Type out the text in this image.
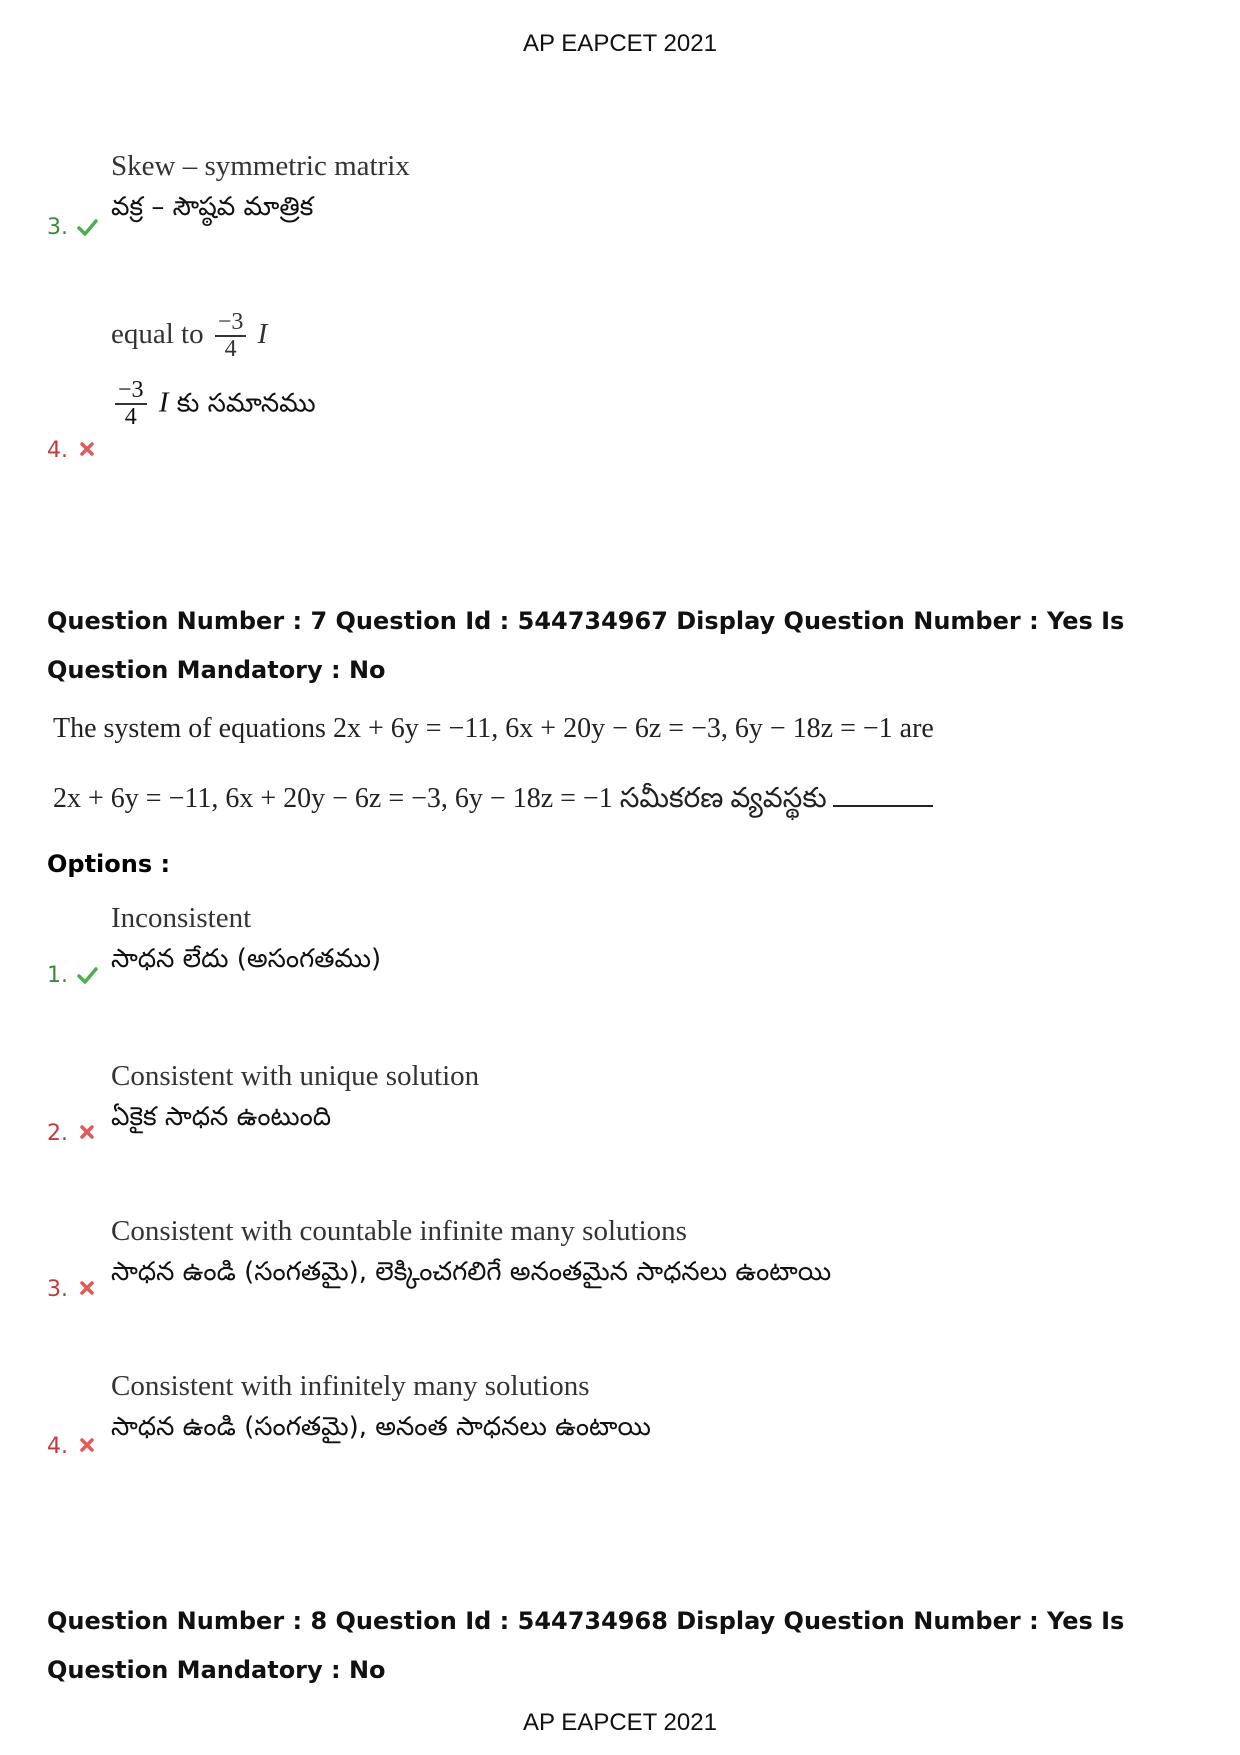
AP EAPCET 2021
Skew – symmetric matrix
వక్ర – సౌష్ఠవ మాత్రిక
3.
equal to $\frac{-3}{4}$ I
$\frac{-3}{4}$ I కు సమానము
4.
Question Number : 7 Question Id : 544734967 Display Question Number : Yes Is Question Mandatory : No
The system of equations 2x + 6y = −11, 6x + 20y − 6z = −3, 6y − 18z = −1 are
2x + 6y = −11, 6x + 20y − 6z = −3, 6y − 18z = −1 సమీకరణ వ్యవస్థకు
Options :
Inconsistent
సాధన లేదు (అసంగతము)
1.
Consistent with unique solution
ఏకైక సాధన ఉంటుంది
2.
Consistent with countable infinite many solutions
సాధన ఉండి (సంగతమై), లెక్కించగలిగే అనంతమైన సాధనలు ఉంటాయి
3.
Consistent with infinitely many solutions
సాధన ఉండి (సంగతమై), అనంత సాధనలు ఉంటాయి
4.
Question Number : 8 Question Id : 544734968 Display Question Number : Yes Is Question Mandatory : No
AP EAPCET 2021
